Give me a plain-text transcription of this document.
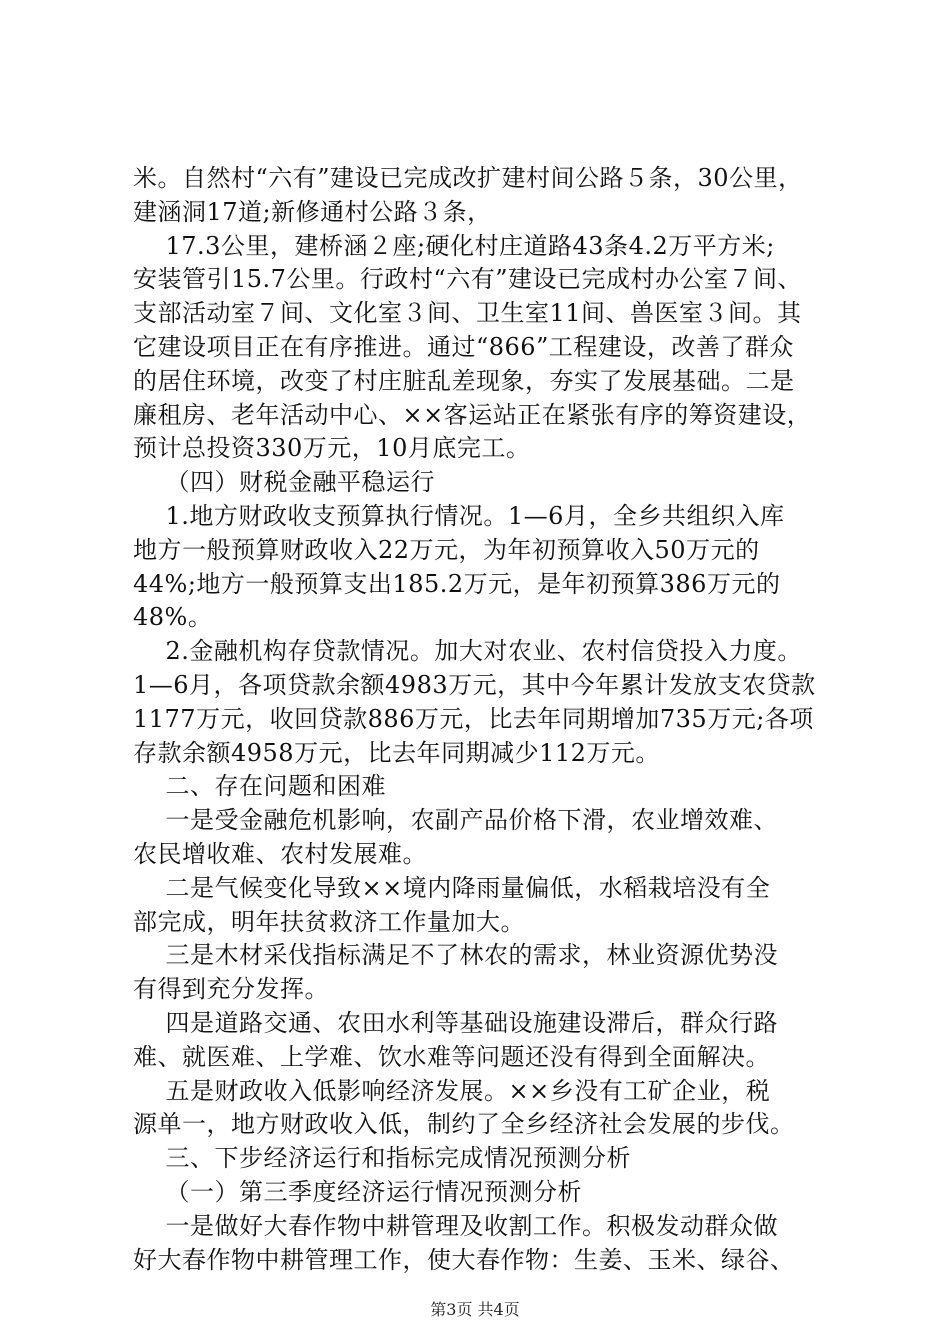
米。自然村“六有”建设已完成改扩建村间公路５条，30公里，
建涵洞17道;新修通村公路３条，
17.3公里，建桥涵２座;硬化村庄道路43条4.2万平方米;
安装管引15.7公里。行政村“六有”建设已完成村办公室７间、
支部活动室７间、文化室３间、卫生室11间、兽医室３间。其
它建设项目正在有序推进。通过“866”工程建设，改善了群众
的居住环境，改变了村庄脏乱差现象，夯实了发展基础。二是
廉租房、老年活动中心、××客运站正在紧张有序的筹资建设，
预计总投资330万元，10月底完工。
（四）财税金融平稳运行
1.地方财政收支预算执行情况。1—6月，全乡共组织入库
地方一般预算财政收入22万元，为年初预算收入50万元的
44%;地方一般预算支出185.2万元，是年初预算386万元的
48%。
2.金融机构存贷款情况。加大对农业、农村信贷投入力度。
1—6月，各项贷款余额4983万元，其中今年累计发放支农贷款
1177万元，收回贷款886万元，比去年同期增加735万元;各项
存款余额4958万元，比去年同期减少112万元。
二、存在问题和困难
一是受金融危机影响，农副产品价格下滑，农业增效难、
农民增收难、农村发展难。
二是气候变化导致××境内降雨量偏低，水稻栽培没有全
部完成，明年扶贫救济工作量加大。
三是木材采伐指标满足不了林农的需求，林业资源优势没
有得到充分发挥。
四是道路交通、农田水利等基础设施建设滞后，群众行路
难、就医难、上学难、饮水难等问题还没有得到全面解决。
五是财政收入低影响经济发展。××乡没有工矿企业，税
源单一，地方财政收入低，制约了全乡经济社会发展的步伐。
三、下步经济运行和指标完成情况预测分析
（一）第三季度经济运行情况预测分析
一是做好大春作物中耕管理及收割工作。积极发动群众做
好大春作物中耕管理工作，使大春作物：生姜、玉米、绿谷、
第3页 共4页
